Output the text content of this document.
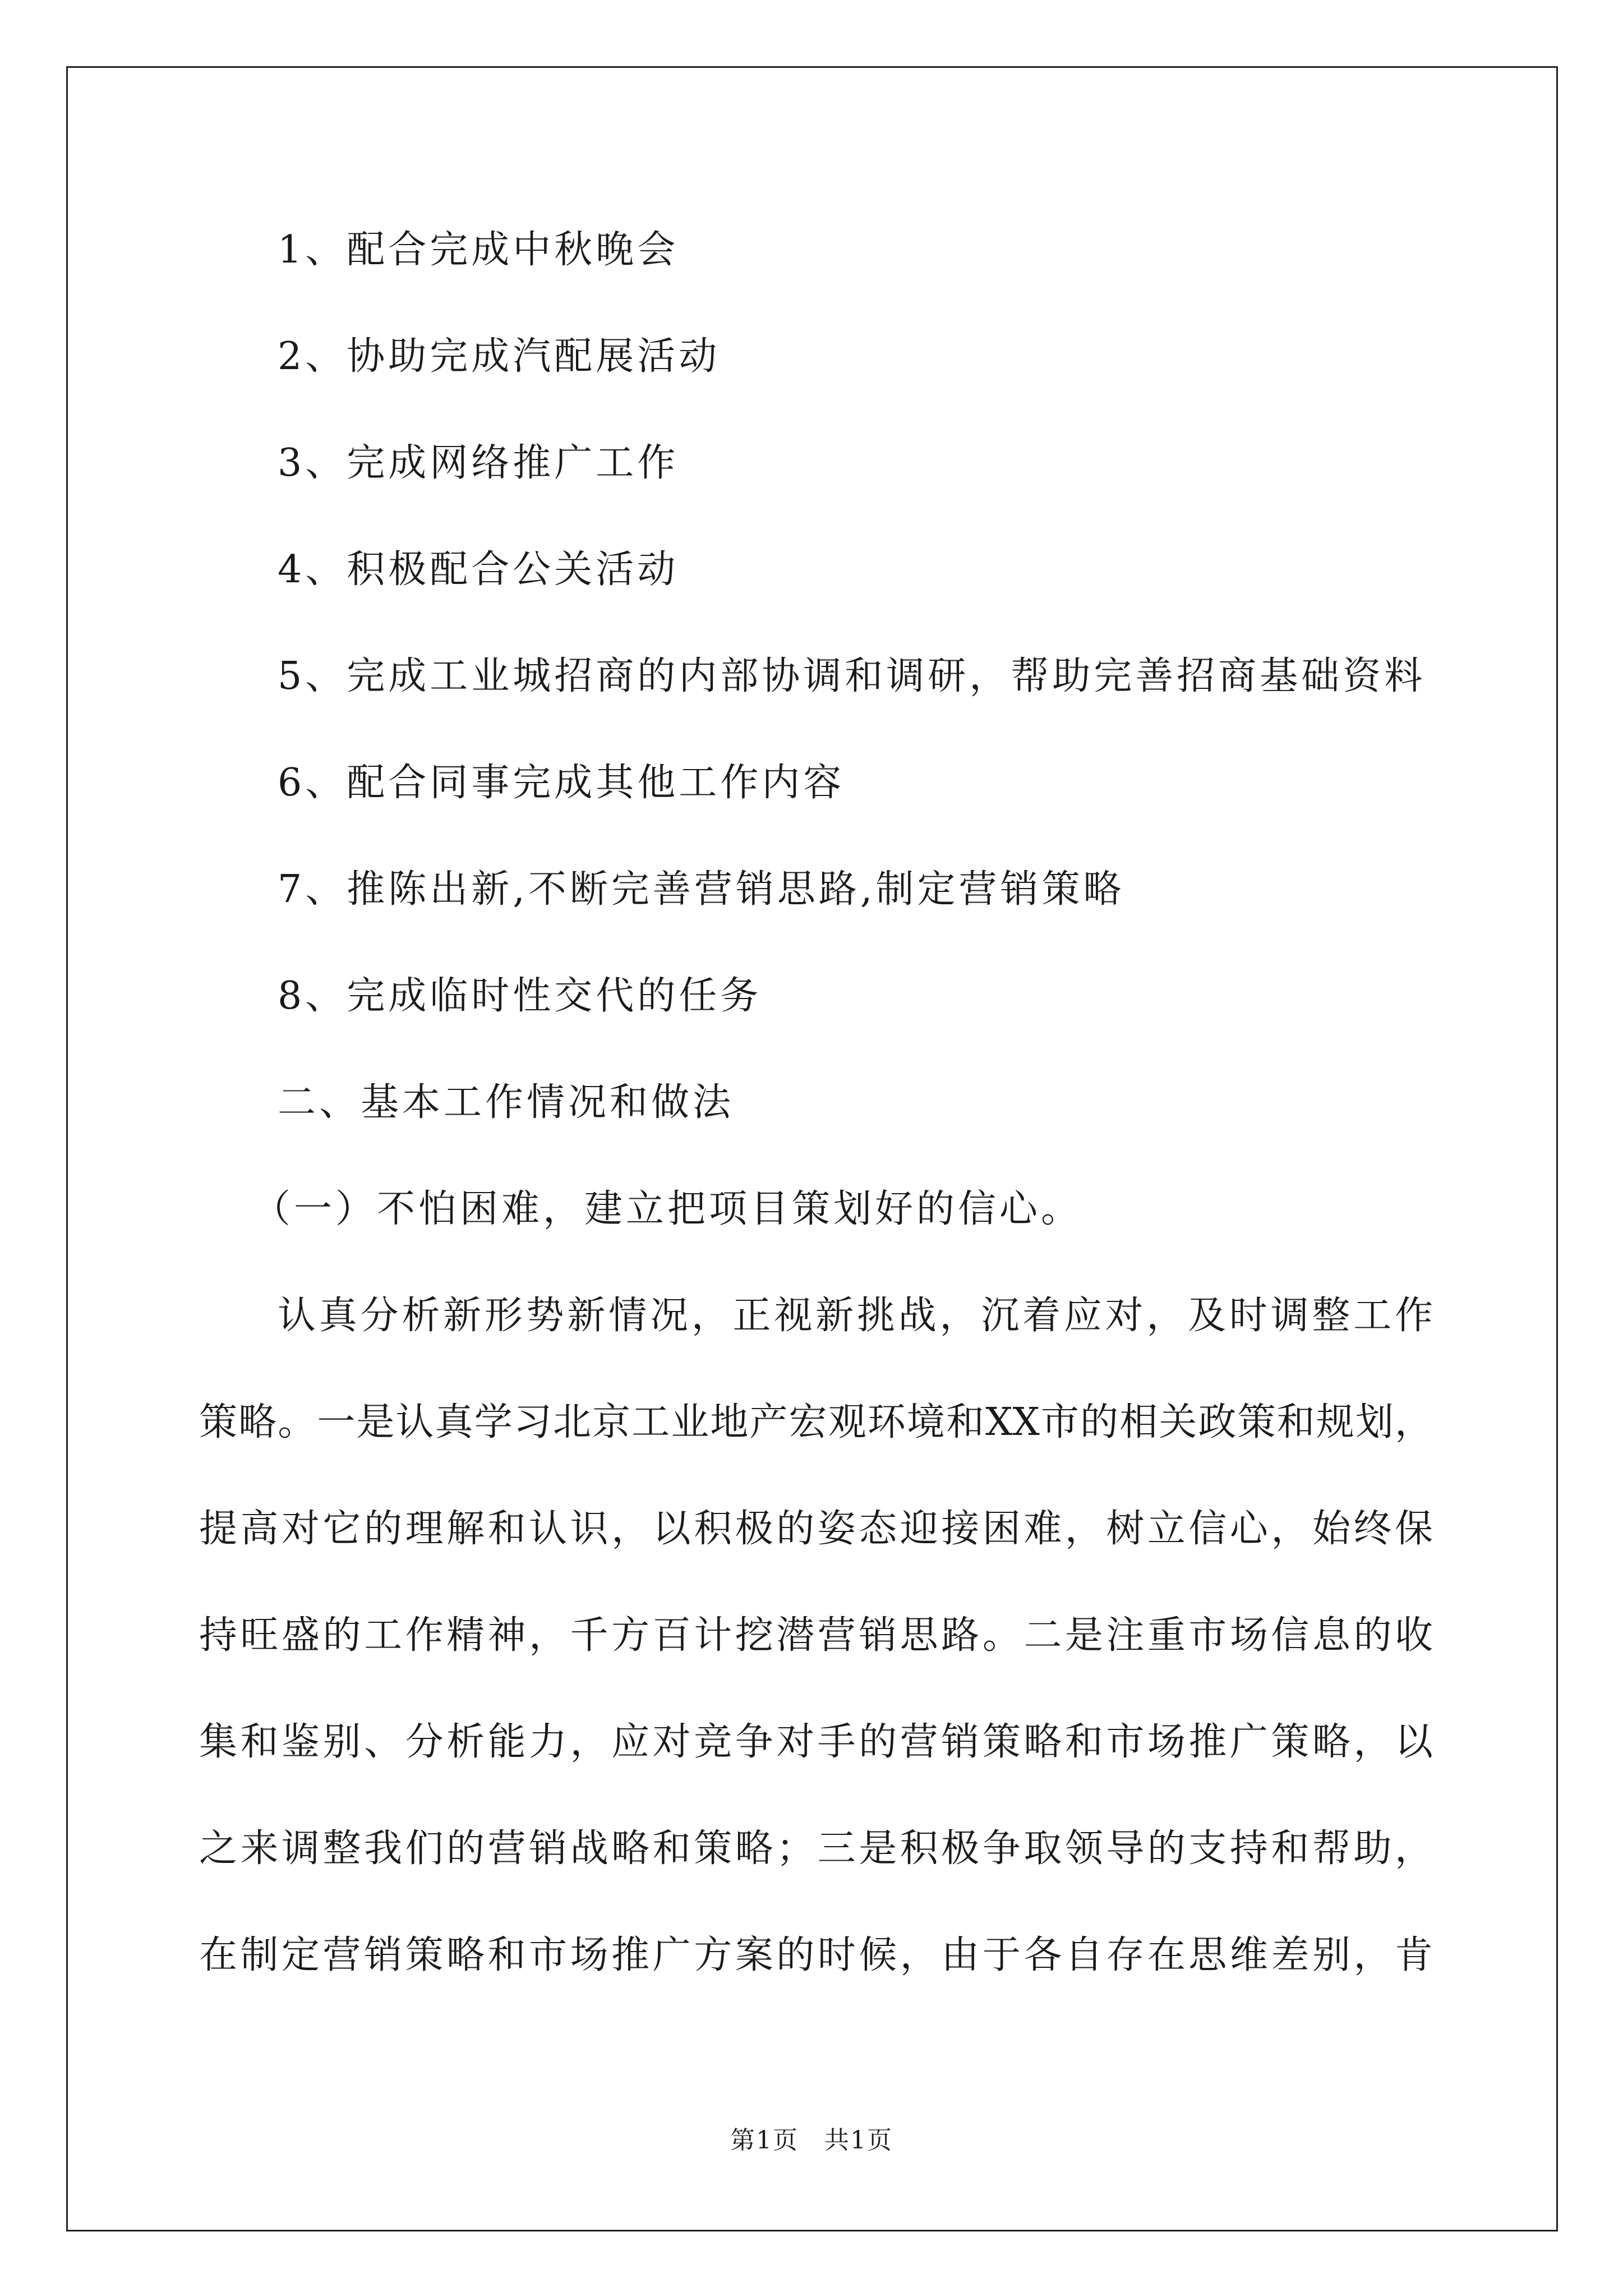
1、配合完成中秋晚会
2、协助完成汽配展活动
3、完成网络推广工作
4、积极配合公关活动
5、完成工业城招商的内部协调和调研，帮助完善招商基础资料
6、配合同事完成其他工作内容
7、推陈出新,不断完善营销思路,制定营销策略
8、完成临时性交代的任务
二、基本工作情况和做法
（一）不怕困难，建立把项目策划好的信心。
认真分析新形势新情况，正视新挑战，沉着应对，及时调整工作
策略。一是认真学习北京工业地产宏观环境和XX市的相关政策和规划，
提高对它的理解和认识，以积极的姿态迎接困难，树立信心，始终保
持旺盛的工作精神，千方百计挖潜营销思路。二是注重市场信息的收
集和鉴别、分析能力，应对竞争对手的营销策略和市场推广策略，以
之来调整我们的营销战略和策略；三是积极争取领导的支持和帮助，
在制定营销策略和市场推广方案的时候，由于各自存在思维差别，肯
第1页　共1页
